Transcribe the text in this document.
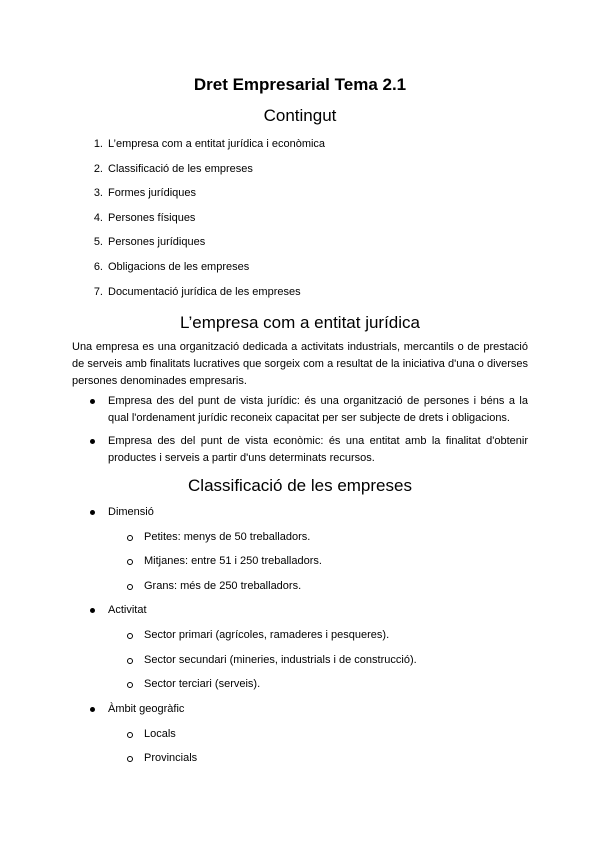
Dret Empresarial Tema 2.1
Contingut
1. L’empresa com a entitat jurídica i econòmica
2. Classificació de les empreses
3. Formes jurídiques
4. Persones físiques
5. Persones jurídiques
6. Obligacions de les empreses
7. Documentació jurídica de les empreses
L’empresa com a entitat jurídica
Una empresa es una organització dedicada a activitats industrials, mercantils o de prestació de serveis amb finalitats lucratives que sorgeix com a resultat de la iniciativa d'una o diverses persones denominades empresaris.
Empresa des del punt de vista jurídic: és una organització de persones i béns a la qual l'ordenament jurídic reconeix capacitat per ser subjecte de drets i obligacions.
Empresa des del punt de vista econòmic: és una entitat amb la finalitat d'obtenir productes i serveis a partir d'uns determinats recursos.
Classificació de les empreses
Dimensió
Petites: menys de 50 treballadors.
Mitjanes: entre 51 i 250 treballadors.
Grans: més de 250 treballadors.
Activitat
Sector primari (agrícoles, ramaderes i pesqueres).
Sector secundari (mineries, industrials i de construcció).
Sector terciari (serveis).
Àmbit geogràfic
Locals
Provincials
